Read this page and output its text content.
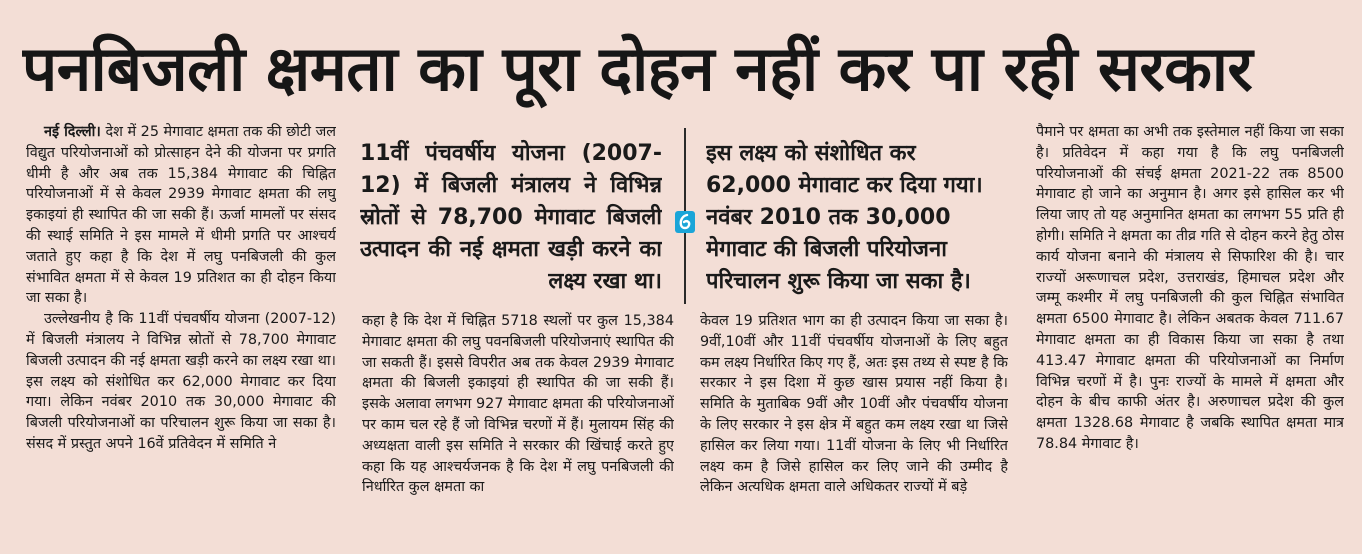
पनबिजली क्षमता का पूरा दोहन नहीं कर पा रही सरकार

नई दिल्ली। देश में 25 मेगावाट क्षमता तक की छोटी जल विद्युत परियोजनाओं को प्रोत्साहन देने की योजना पर प्रगति धीमी है और अब तक 15,384 मेगावाट की चिह्नित परियोजनाओं में से केवल 2939 मेगावाट क्षमता की लघु इकाइयां ही स्थापित की जा सकी हैं। ऊर्जा मामलों पर संसद की स्थाई समिति ने इस मामले में धीमी प्रगति पर आश्चर्य जताते हुए कहा है कि देश में लघु पनबिजली की कुल संभावित क्षमता में से केवल 19 प्रतिशत का ही दोहन किया जा सका है।

उल्लेखनीय है कि 11वीं पंचवर्षीय योजना (2007-12) में बिजली मंत्रालय ने विभिन्न स्रोतों से 78,700 मेगावाट बिजली उत्पादन की नई क्षमता खड़ी करने का लक्ष्य रखा था। इस लक्ष्य को संशोधित कर 62,000 मेगावाट कर दिया गया। लेकिन नवंबर 2010 तक 30,000 मेगावाट की बिजली परियोजनाओं का परिचालन शुरू किया जा सका है। संसद में प्रस्तुत अपने 16वें प्रतिवेदन में समिति ने

11वीं पंचवर्षीय योजना (2007-12) में बिजली मंत्रालय ने विभिन्न स्रोतों से 78,700 मेगावाट बिजली उत्पादन की नई क्षमता खड़ी करने का लक्ष्य रखा था।
इस लक्ष्य को संशोधित कर 62,000 मेगावाट कर दिया गया। नवंबर 2010 तक 30,000 मेगावाट की बिजली परियोजना परिचालन शुरू किया जा सका है।

कहा है कि देश में चिह्नित 5718 स्थलों पर कुल 15,384 मेगावाट क्षमता की लघु पवनबिजली परियोजनाएं स्थापित की जा सकती हैं। इससे विपरीत अब तक केवल 2939 मेगावाट क्षमता की बिजली इकाइयां ही स्थापित की जा सकी हैं। इसके अलावा लगभग 927 मेगावाट क्षमता की परियोजनाओं पर काम चल रहे हैं जो विभिन्न चरणों में हैं। मुलायम सिंह की अध्यक्षता वाली इस समिति ने सरकार की खिंचाई करते हुए कहा कि यह आश्चर्यजनक है कि देश में लघु पनबिजली की निर्धारित कुल क्षमता का

केवल 19 प्रतिशत भाग का ही उत्पादन किया जा सका है। 9वीं,10वीं और 11वीं पंचवर्षीय योजनाओं के लिए बहुत कम लक्ष्य निर्धारित किए गए हैं, अतः इस तथ्य से स्पष्ट है कि सरकार ने इस दिशा में कुछ खास प्रयास नहीं किया है। समिति के मुताबिक 9वीं और 10वीं और पंचवर्षीय योजना के लिए सरकार ने इस क्षेत्र में बहुत कम लक्ष्य रखा था जिसे हासिल कर लिया गया। 11वीं योजना के लिए भी निर्धारित लक्ष्य कम है जिसे हासिल कर लिए जाने की उम्मीद है लेकिन अत्यधिक क्षमता वाले अधिकतर राज्यों में बड़े

पैमाने पर क्षमता का अभी तक इस्तेमाल नहीं किया जा सका है। प्रतिवेदन में कहा गया है कि लघु पनबिजली परियोजनाओं की संचई क्षमता 2021-22 तक 8500 मेगावाट हो जाने का अनुमान है। अगर इसे हासिल कर भी लिया जाए तो यह अनुमानित क्षमता का लगभग 55 प्रति ही होगी। समिति ने क्षमता का तीव्र गति से दोहन करने हेतु ठोस कार्य योजना बनाने की मंत्रालय से सिफारिश की है। चार राज्यों अरूणाचल प्रदेश, उत्तराखंड, हिमाचल प्रदेश और जम्मू कश्मीर में लघु पनबिजली की कुल चिह्नित संभावित क्षमता 6500 मेगावाट है। लेकिन अबतक केवल 711.67 मेगावाट क्षमता का ही विकास किया जा सका है तथा 413.47 मेगावाट क्षमता की परियोजनाओं का निर्माण विभिन्न चरणों में है। पुनः राज्यों के मामले में क्षमता और दोहन के बीच काफी अंतर है। अरुणाचल प्रदेश की कुल क्षमता 1328.68 मेगावाट है जबकि स्थापित क्षमता मात्र 78.84 मेगावाट है।
